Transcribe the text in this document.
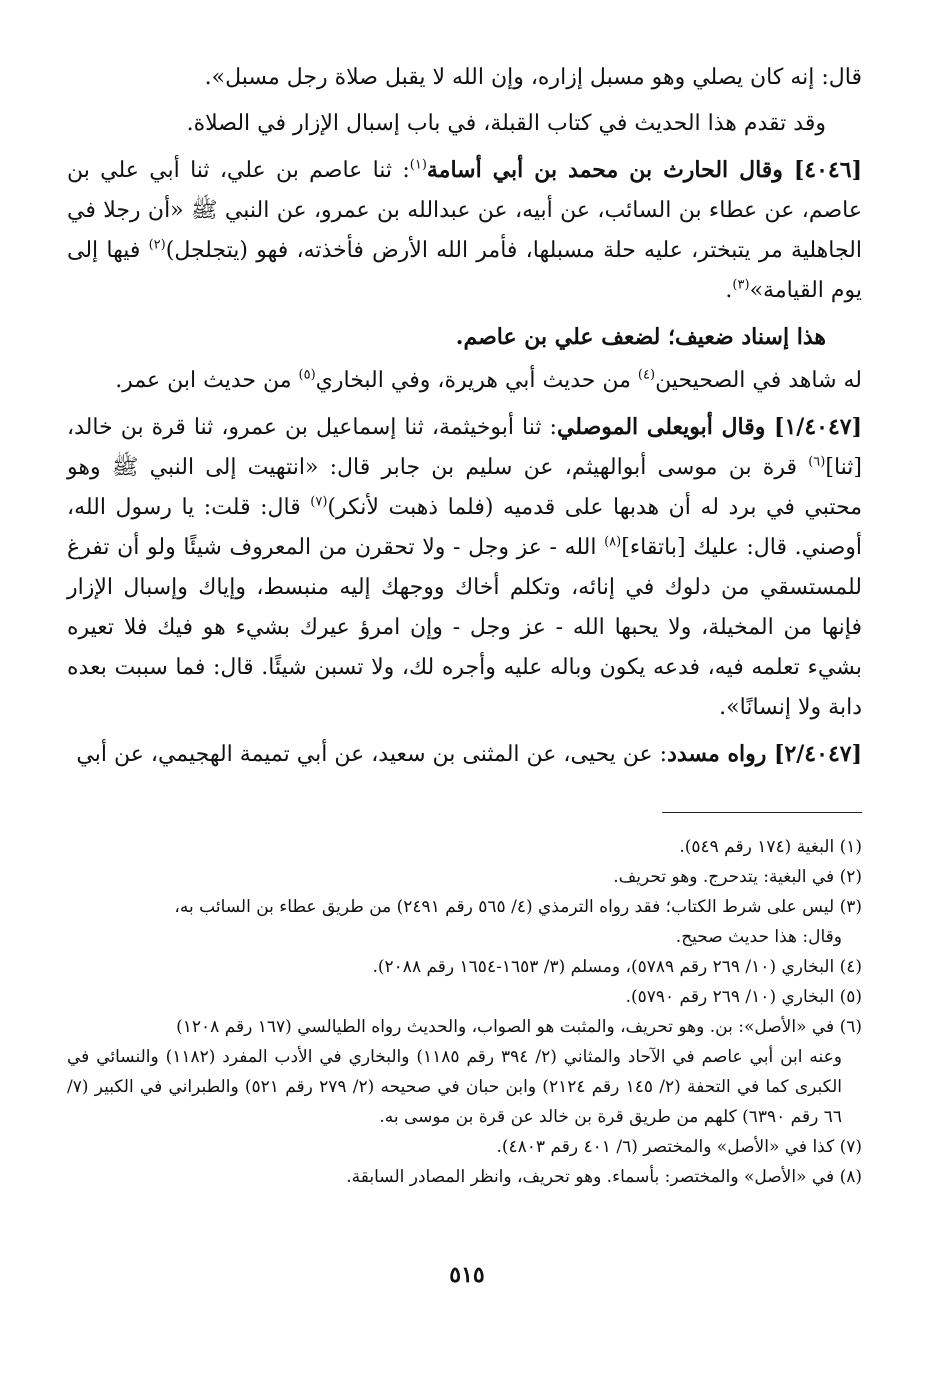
قال: إنه كان يصلي وهو مسبل إزاره، وإن الله لا يقبل صلاة رجل مسبل».

وقد تقدم هذا الحديث في كتاب القبلة، في باب إسبال الإزار في الصلاة.

[٤٠٤٦] وقال الحارث بن محمد بن أبي أسامة$^{(١)}$: ثنا عاصم بن علي، ثنا أبي علي بن عاصم، عن عطاء بن السائب، عن أبيه، عن عبدالله بن عمرو، عن النبي ﷺ «أن رجلا في الجاهلية مر يتبختر، عليه حلة مسبلها، فأمر الله الأرض فأخذته، فهو (يتجلجل)$^{(٢)}$ فيها إلى يوم القيامة»$^{(٣)}$.

هذا إسناد ضعيف؛ لضعف علي بن عاصم.

له شاهد في الصحيحين$^{(٤)}$ من حديث أبي هريرة، وفي البخاري$^{(٥)}$ من حديث ابن عمر.

[١/٤٠٤٧] وقال أبويعلى الموصلي: ثنا أبوخيثمة، ثنا إسماعيل بن عمرو، ثنا قرة بن خالد، [ثنا]$^{(٦)}$ قرة بن موسى أبوالهيثم، عن سليم بن جابر قال: «انتهيت إلى النبي ﷺ وهو محتبي في برد له أن هدبها على قدميه (فلما ذهبت لأنكر)$^{(٧)}$ قال: قلت: يا رسول الله، أوصني. قال: عليك [باتقاء]$^{(٨)}$ الله - عز وجل - ولا تحقرن من المعروف شيئًا ولو أن تفرغ للمستسقي من دلوك في إنائه، وتكلم أخاك ووجهك إليه منبسط، وإياك وإسبال الإزار فإنها من المخيلة، ولا يحبها الله - عز وجل - وإن امرؤ عيرك بشيء هو فيك فلا تعيره بشيء تعلمه فيه، فدعه يكون وباله عليه وأجره لك، ولا تسبن شيئًا. قال: فما سببت بعده دابة ولا إنسانًا».

[٢/٤٠٤٧] رواه مسدد: عن يحيى، عن المثنى بن سعيد، عن أبي تميمة الهجيمي، عن أبي

(١) البغية (١٧٤ رقم ٥٤٩).

(٢) في البغية: يتدحرج. وهو تحريف.

(٣) ليس على شرط الكتاب؛ فقد رواه الترمذي (٤/ ٥٦٥ رقم ٢٤٩١) من طريق عطاء بن السائب به،

وقال: هذا حديث صحيح.

(٤) البخاري (١٠/ ٢٦٩ رقم ٥٧٨٩)، ومسلم (٣/ ١٦٥٣-١٦٥٤ رقم ٢٠٨٨).

(٥) البخاري (١٠/ ٢٦٩ رقم ٥٧٩٠).

(٦) في «الأصل»: بن. وهو تحريف، والمثبت هو الصواب، والحديث رواه الطيالسي (١٦٧ رقم ١٢٠٨)

وعنه ابن أبي عاصم في الآحاد والمثاني (٢/ ٣٩٤ رقم ١١٨٥) والبخاري في الأدب المفرد (١١٨٢) والنسائي في الكبرى كما في التحفة (٢/ ١٤٥ رقم ٢١٢٤) وابن حبان في صحيحه (٢/ ٢٧٩ رقم ٥٢١) والطبراني في الكبير (٧/ ٦٦ رقم ٦٣٩٠) كلهم من طريق قرة بن خالد عن قرة بن موسى به.

(٧) كذا في «الأصل» والمختصر (٦/ ٤٠١ رقم ٤٨٠٣).

(٨) في «الأصل» والمختصر: بأسماء. وهو تحريف، وانظر المصادر السابقة.

٥١٥
